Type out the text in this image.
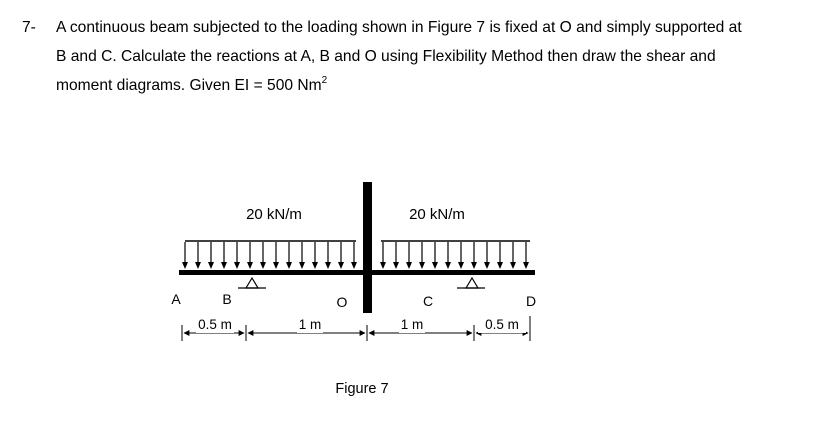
7- A continuous beam subjected to the loading shown in Figure 7 is fixed at O and simply supported at
B and C. Calculate the reactions at A, B and O using Flexibility Method then draw the shear and
moment diagrams. Given EI = 500 Nm$^2$
20 kN/m	20 kN/m
A	B	O	C	D
0.5 m	1 m	1 m	0.5 m
Figure 7
